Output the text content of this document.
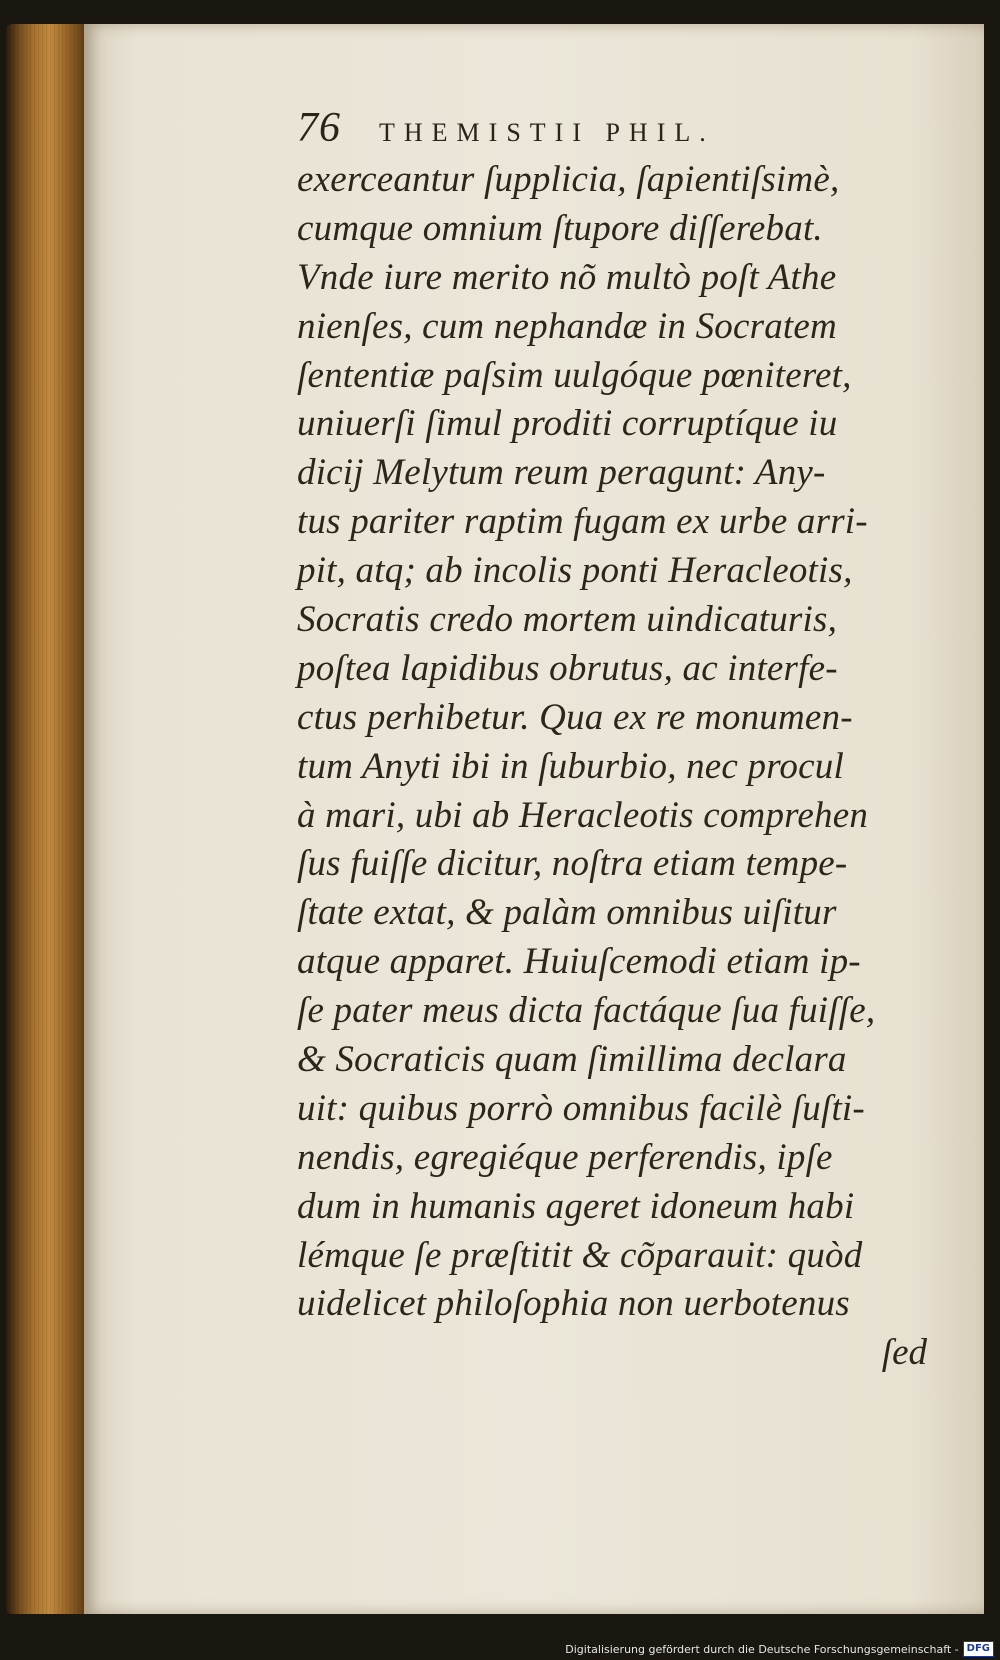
76 THEMISTII PHIL.
exerceantur ſupplicia, ſapientiſsimè,
cumque omnium ſtupore diſſerebat.
Vnde iure merito nõ multò poſt Athe
nienſes, cum nephandæ in Socratem
ſententiæ paſsim uulgóque pœniteret,
uniuerſi ſimul proditi corruptíque iu
dicij Melytum reum peragunt: Any-
tus pariter raptim fugam ex urbe arri-
pit, atq; ab incolis ponti Heracleotis,
Socratis credo mortem uindicaturis,
poſtea lapidibus obrutus, ac interfe-
ctus perhibetur. Qua ex re monumen-
tum Anyti ibi in ſuburbio, nec procul
à mari, ubi ab Heracleotis comprehen
ſus fuiſſe dicitur, noſtra etiam tempe-
ſtate extat, & palàm omnibus uiſitur
atque apparet. Huiuſcemodi etiam ip-
ſe pater meus dicta factáque ſua fuiſſe,
& Socraticis quam ſimillima declara
uit: quibus porrò omnibus facilè ſuſti-
nendis, egregiéque perferendis, ipſe
dum in humanis ageret idoneum habi
lémque ſe præſtitit & cõparauit: quòd
uidelicet philoſophia non uerbotenus
ſed
Digitalisierung gefördert durch die Deutsche Forschungsgemeinschaft - DFG
